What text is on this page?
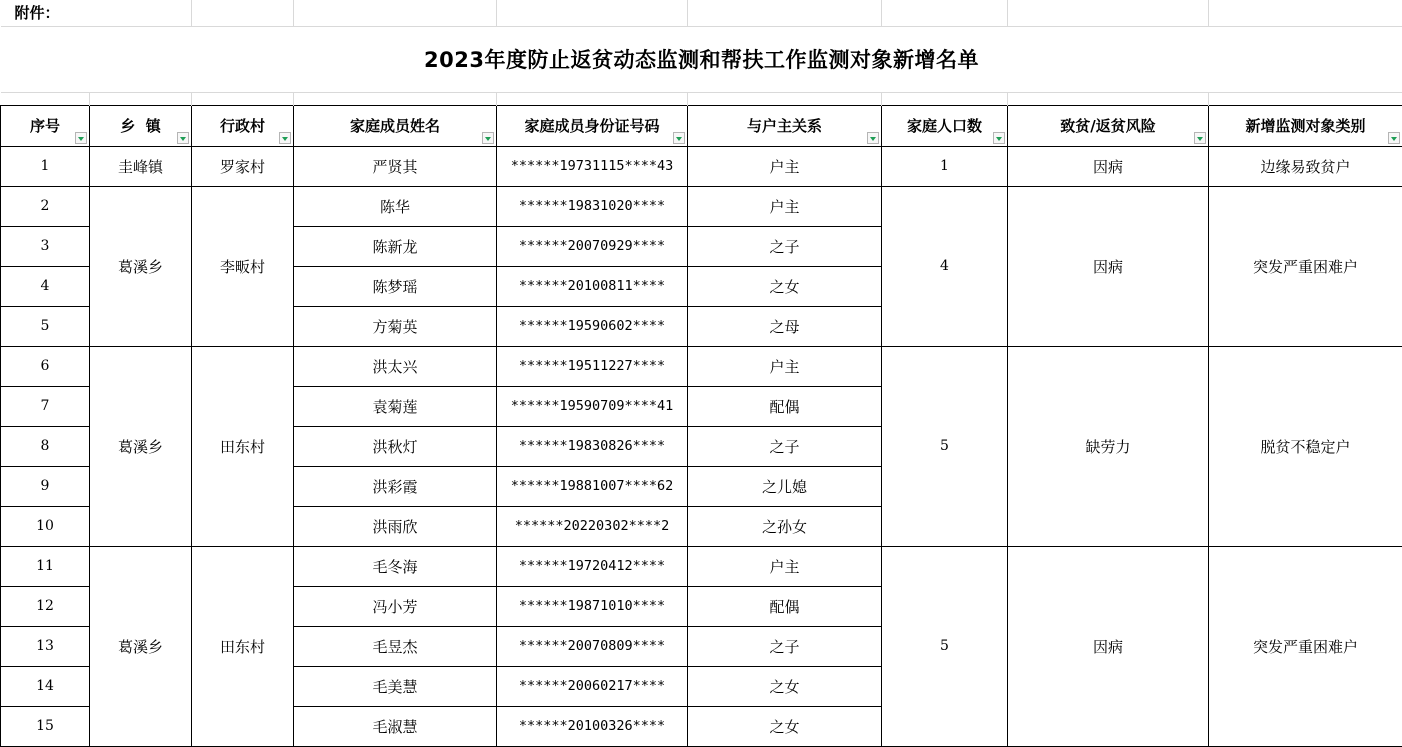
附件：								
2023年度防止返贫动态监测和帮扶工作监测对象新增名单								

序号	乡  镇	行政村	家庭成员姓名	家庭成员身份证号码	与户主关系	家庭人口数	致贫/返贫风险	新增监测对象类别

1	圭峰镇	罗家村	严贤其	******19731115****43	户主	1	因病	边缘易致贫户
2	葛溪乡	李畈村	陈华	******19831020****	户主	4	因病	突发严重困难户
3			陈新龙	******20070929****	之子			
4			陈梦瑶	******20100811****	之女			
5			方菊英	******19590602****	之母			
6	葛溪乡	田东村	洪太兴	******19511227****	户主	5	缺劳力	脱贫不稳定户
7			袁菊莲	******19590709****41	配偶			
8			洪秋灯	******19830826****	之子			
9			洪彩霞	******19881007****62	之儿媳			
10			洪雨欣	******20220302****2	之孙女			
11	葛溪乡	田东村	毛冬海	******19720412****	户主	5	因病	突发严重困难户
12			冯小芳	******19871010****	配偶			
13			毛昱杰	******20070809****	之子			
14			毛美慧	******20060217****	之女			
15			毛淑慧	******20100326****	之女			
